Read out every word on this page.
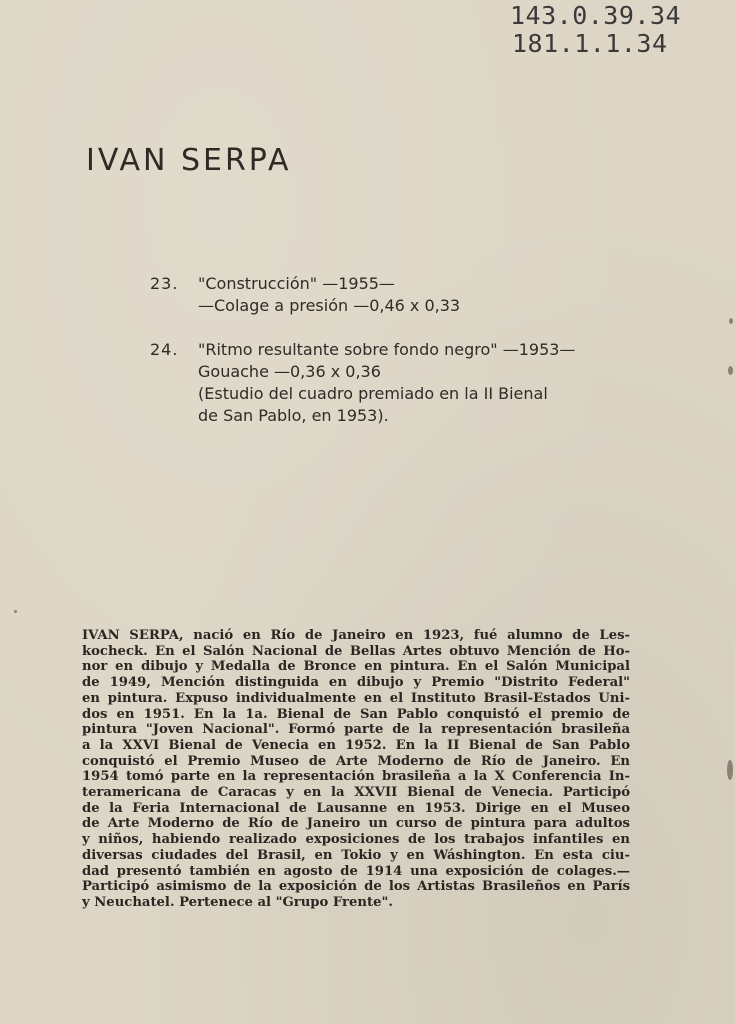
143.0.39.34
181.1.1.34
IVAN SERPA
23.	"Construcción" —1955—
—Colage a presión —0,46 x 0,33
24.	"Ritmo resultante sobre fondo negro" —1953—
Gouache —0,36 x 0,36
(Estudio del cuadro premiado en la II Bienal
de San Pablo, en 1953).
IVAN SERPA, nació en Río de Janeiro en 1923, fué alumno de Les-
kocheck. En el Salón Nacional de Bellas Artes obtuvo Mención de Ho-
nor en dibujo y Medalla de Bronce en pintura. En el Salón Municipal
de 1949, Mención distinguida en dibujo y Premio "Distrito Federal"
en pintura. Expuso individualmente en el Instituto Brasil-Estados Uni-
dos en 1951. En la 1a. Bienal de San Pablo conquistó el premio de
pintura "Joven Nacional". Formó parte de la representación brasileña
a la XXVI Bienal de Venecia en 1952. En la II Bienal de San Pablo
conquistó el Premio Museo de Arte Moderno de Río de Janeiro. En
1954 tomó parte en la representación brasileña a la X Conferencia In-
teramericana de Caracas y en la XXVII Bienal de Venecia. Participó
de la Feria Internacional de Lausanne en 1953. Dirige en el Museo
de Arte Moderno de Río de Janeiro un curso de pintura para adultos
y niños, habiendo realizado exposiciones de los trabajos infantiles en
diversas ciudades del Brasil, en Tokio y en Wáshington. En esta ciu-
dad presentó también en agosto de 1914 una exposición de colages.—
Participó asimismo de la exposición de los Artistas Brasileños en París
y Neuchatel. Pertenece al "Grupo Frente".
